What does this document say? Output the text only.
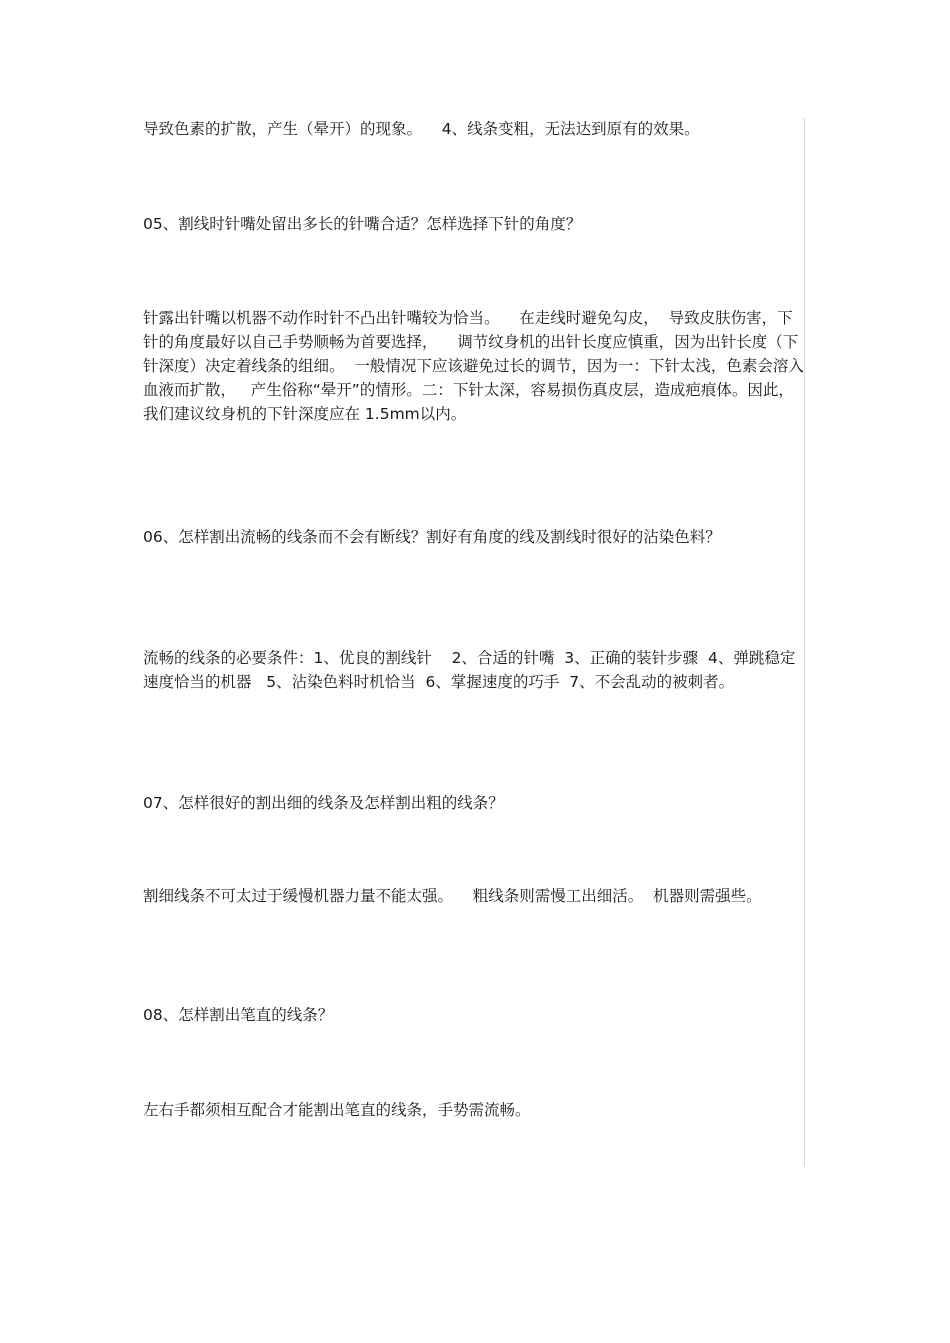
导致色素的扩散，产生（晕开）的现象。    4、线条变粗，无法达到原有的效果。
05、割线时针嘴处留出多长的针嘴合适？怎样选择下针的角度？
针露出针嘴以机器不动作时针不凸出针嘴较为恰当。    在走线时避免勾皮，  导致皮肤伤害，下针的角度最好以自己手势顺畅为首要选择，    调节纹身机的出针长度应慎重，因为出针长度（下针深度）决定着线条的组细。  一般情况下应该避免过长的调节，因为一：下针太浅，色素会溶入血液而扩散，   产生俗称“晕开”的情形。二：下针太深，容易损伤真皮层，造成疤痕体。因此，我们建议纹身机的下针深度应在 1.5mm以内。
06、怎样割出流畅的线条而不会有断线？割好有角度的线及割线时很好的沾染色料？
流畅的线条的必要条件：1、优良的割线针    2、合适的针嘴  3、正确的装针步骤  4、弹跳稳定速度恰当的机器   5、沾染色料时机恰当  6、掌握速度的巧手  7、不会乱动的被刺者。
07、怎样很好的割出细的线条及怎样割出粗的线条？
割细线条不可太过于缓慢机器力量不能太强。    粗线条则需慢工出细活。  机器则需强些。
08、怎样割出笔直的线条？
左右手都须相互配合才能割出笔直的线条，手势需流畅。
